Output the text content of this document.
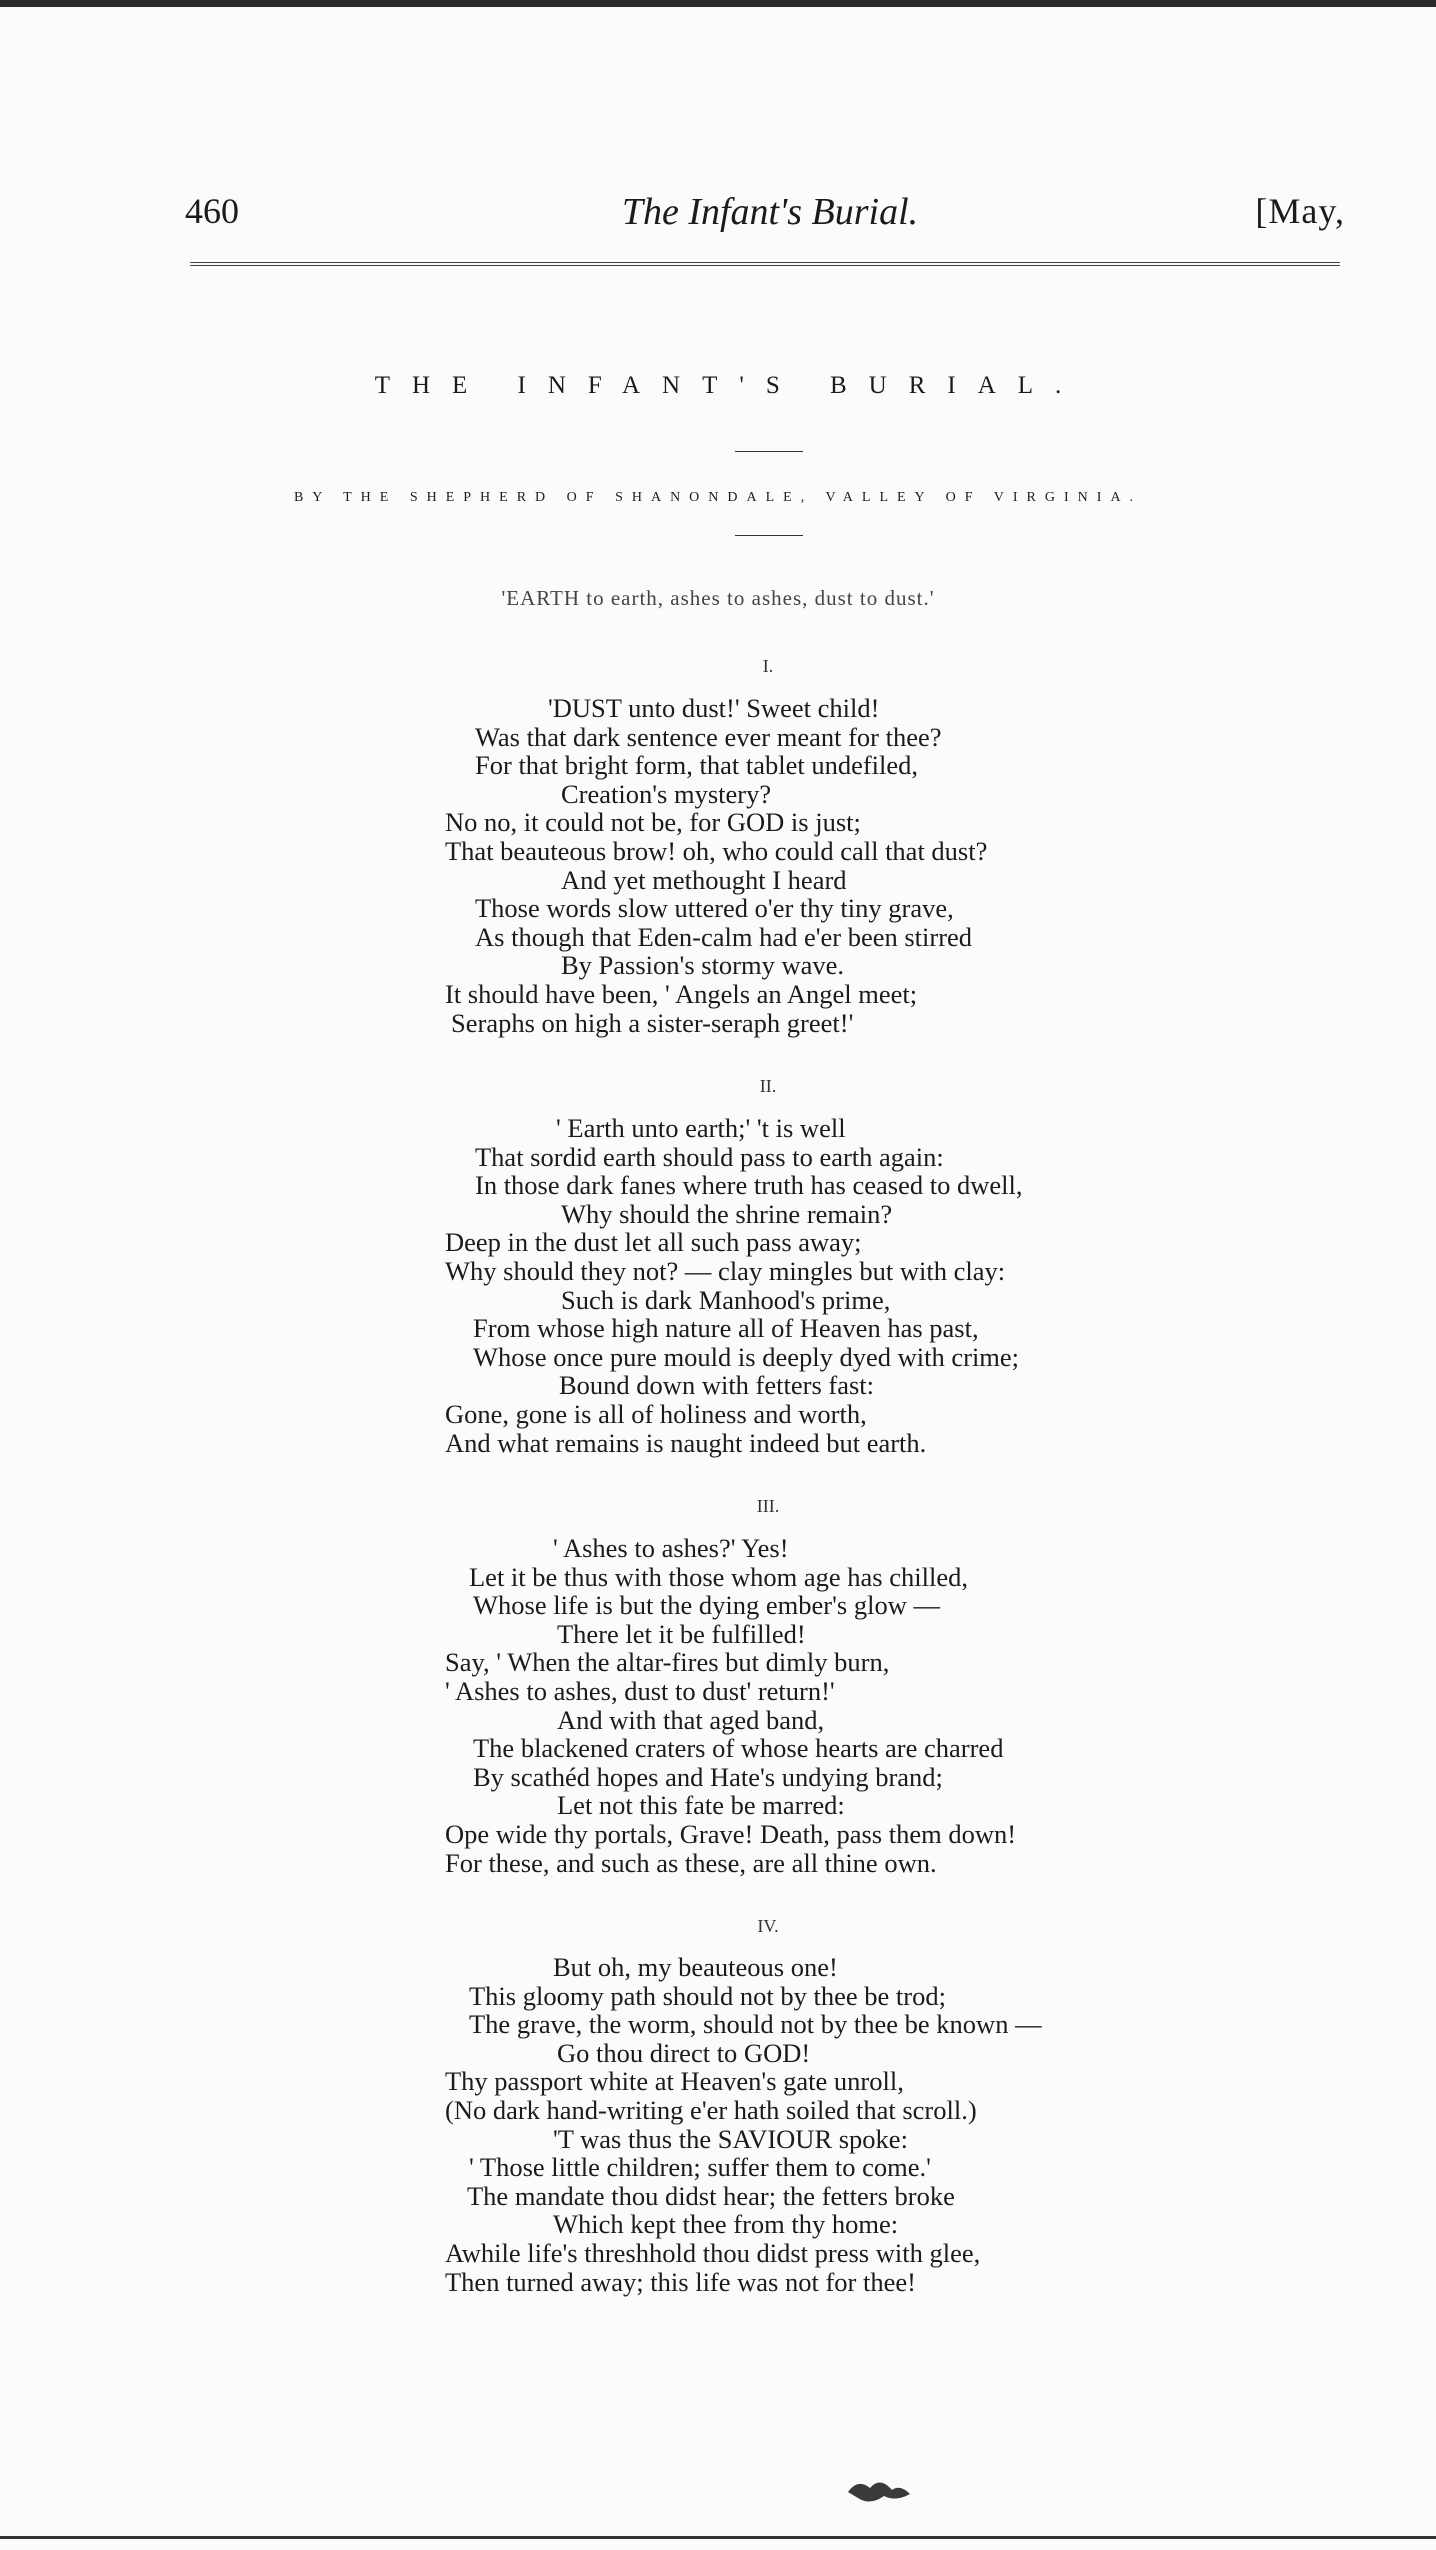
460	The Infant's Burial.	[May,
THE INFANT'S BURIAL.
BY THE SHEPHERD OF SHANONDALE, VALLEY OF VIRGINIA.
'EARTH to earth, ashes to ashes, dust to dust.'
I.
'DUST unto dust!' Sweet child!
Was that dark sentence ever meant for thee?
For that bright form, that tablet undefiled,
Creation's mystery?
No no, it could not be, for GOD is just;
That beauteous brow! oh, who could call that dust?
And yet methought I heard
Those words slow uttered o'er thy tiny grave,
As though that Eden-calm had e'er been stirred
By Passion's stormy wave.
It should have been, ' Angels an Angel meet;
Seraphs on high a sister-seraph greet!'
II.
' Earth unto earth;' 't is well
That sordid earth should pass to earth again:
In those dark fanes where truth has ceased to dwell,
Why should the shrine remain?
Deep in the dust let all such pass away;
Why should they not? — clay mingles but with clay:
Such is dark Manhood's prime,
From whose high nature all of Heaven has past,
Whose once pure mould is deeply dyed with crime;
Bound down with fetters fast:
Gone, gone is all of holiness and worth,
And what remains is naught indeed but earth.
III.
' Ashes to ashes?' Yes!
Let it be thus with those whom age has chilled,
Whose life is but the dying ember's glow —
There let it be fulfilled!
Say, ' When the altar-fires but dimly burn,
' Ashes to ashes, dust to dust' return!'
And with that aged band,
The blackened craters of whose hearts are charred
By scathéd hopes and Hate's undying brand;
Let not this fate be marred:
Ope wide thy portals, Grave! Death, pass them down!
For these, and such as these, are all thine own.
IV.
But oh, my beauteous one!
This gloomy path should not by thee be trod;
The grave, the worm, should not by thee be known —
Go thou direct to GOD!
Thy passport white at Heaven's gate unroll,
(No dark hand-writing e'er hath soiled that scroll.)
'T was thus the SAVIOUR spoke:
' Those little children; suffer them to come.'
The mandate thou didst hear; the fetters broke
Which kept thee from thy home:
Awhile life's threshhold thou didst press with glee,
Then turned away; this life was not for thee!
